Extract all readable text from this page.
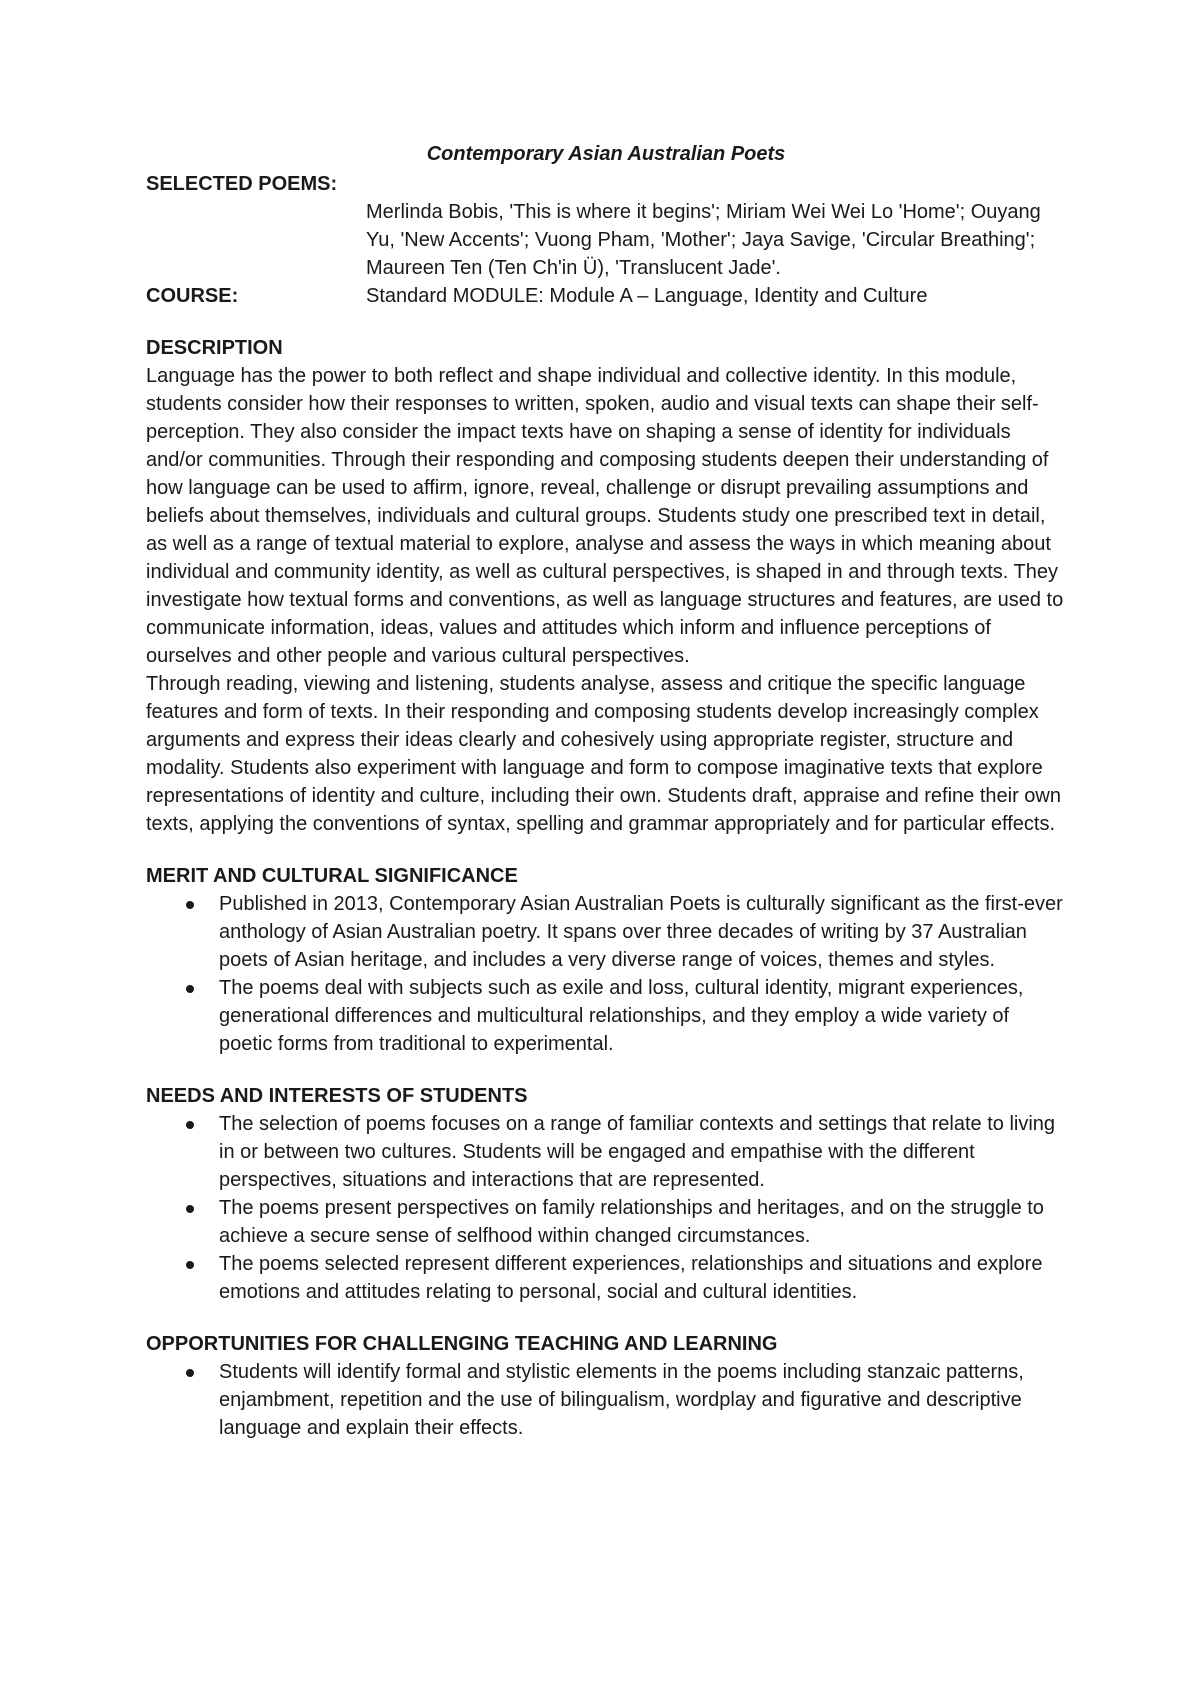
Contemporary Asian Australian Poets
SELECTED POEMS:
Merlinda Bobis, 'This is where it begins'; Miriam Wei Wei Lo 'Home'; Ouyang Yu, 'New Accents'; Vuong Pham, 'Mother'; Jaya Savige, 'Circular Breathing'; Maureen Ten (Ten Ch'in Ü), 'Translucent Jade'.
COURSE:	Standard MODULE: Module A – Language, Identity and Culture
DESCRIPTION

Language has the power to both reflect and shape individual and collective identity. In this module, students consider how their responses to written, spoken, audio and visual texts can shape their self-perception. They also consider the impact texts have on shaping a sense of identity for individuals and/or communities. Through their responding and composing students deepen their understanding of how language can be used to affirm, ignore, reveal, challenge or disrupt prevailing assumptions and beliefs about themselves, individuals and cultural groups. Students study one prescribed text in detail, as well as a range of textual material to explore, analyse and assess the ways in which meaning about individual and community identity, as well as cultural perspectives, is shaped in and through texts. They investigate how textual forms and conventions, as well as language structures and features, are used to communicate information, ideas, values and attitudes which inform and influence perceptions of ourselves and other people and various cultural perspectives.

Through reading, viewing and listening, students analyse, assess and critique the specific language features and form of texts. In their responding and composing students develop increasingly complex arguments and express their ideas clearly and cohesively using appropriate register, structure and modality. Students also experiment with language and form to compose imaginative texts that explore representations of identity and culture, including their own. Students draft, appraise and refine their own texts, applying the conventions of syntax, spelling and grammar appropriately and for particular effects.

MERIT AND CULTURAL SIGNIFICANCE
Published in 2013, Contemporary Asian Australian Poets is culturally significant as the first-ever anthology of Asian Australian poetry. It spans over three decades of writing by 37 Australian poets of Asian heritage, and includes a very diverse range of voices, themes and styles.
The poems deal with subjects such as exile and loss, cultural identity, migrant experiences, generational differences and multicultural relationships, and they employ a wide variety of poetic forms from traditional to experimental.
NEEDS AND INTERESTS OF STUDENTS
The selection of poems focuses on a range of familiar contexts and settings that relate to living in or between two cultures. Students will be engaged and empathise with the different perspectives, situations and interactions that are represented.
The poems present perspectives on family relationships and heritages, and on the struggle to achieve a secure sense of selfhood within changed circumstances.
The poems selected represent different experiences, relationships and situations and explore emotions and attitudes relating to personal, social and cultural identities.
OPPORTUNITIES FOR CHALLENGING TEACHING AND LEARNING
Students will identify formal and stylistic elements in the poems including stanzaic patterns, enjambment, repetition and the use of bilingualism, wordplay and figurative and descriptive language and explain their effects.
